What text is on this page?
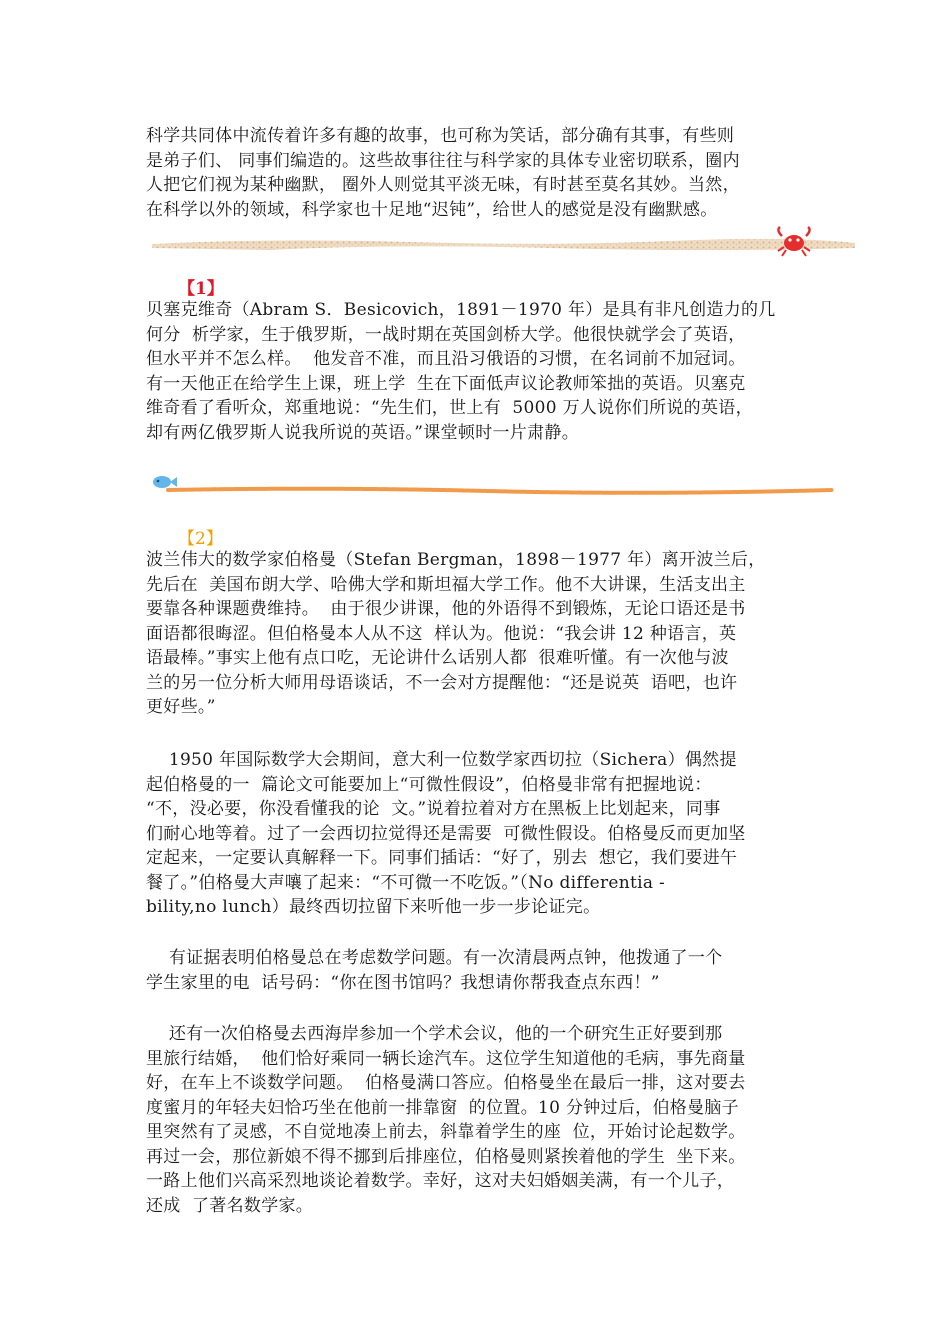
科学共同体中流传着许多有趣的故事，也可称为笑话，部分确有其事，有些则
是弟子们、 同事们编造的。这些故事往往与科学家的具体专业密切联系，圈内
人把它们视为某种幽默， 圈外人则觉其平淡无味，有时甚至莫名其妙。当然，
在科学以外的领域，科学家也十足地“迟钝”，给世人的感觉是没有幽默感。

【1】

贝塞克维奇（Abram S．Besicovich，1891－1970 年）是具有非凡创造力的几
何分  析学家，生于俄罗斯，一战时期在英国剑桥大学。他很快就学会了英语，
但水平并不怎么样。  他发音不准，而且沿习俄语的习惯，在名词前不加冠词。
有一天他正在给学生上课，班上学  生在下面低声议论教师笨拙的英语。贝塞克
维奇看了看听众，郑重地说：“先生们，世上有  5000 万人说你们所说的英语，
却有两亿俄罗斯人说我所说的英语。”课堂顿时一片肃静。

【2】

波兰伟大的数学家伯格曼（Stefan Bergman，1898－1977 年）离开波兰后，
先后在  美国布朗大学、哈佛大学和斯坦福大学工作。他不大讲课，生活支出主
要靠各种课题费维持。  由于很少讲课，他的外语得不到锻炼，无论口语还是书
面语都很晦涩。但伯格曼本人从不这  样认为。他说：“我会讲 12 种语言，英
语最棒。”事实上他有点口吃，无论讲什么话别人都  很难听懂。有一次他与波
兰的另一位分析大师用母语谈话，不一会对方提醒他：“还是说英  语吧，也许
更好些。”

1950 年国际数学大会期间，意大利一位数学家西切拉（Sichera）偶然提
起伯格曼的一  篇论文可能要加上“可微性假设”，伯格曼非常有把握地说：
“不，没必要，你没看懂我的论  文。”说着拉着对方在黑板上比划起来，同事
们耐心地等着。过了一会西切拉觉得还是需要  可微性假设。伯格曼反而更加坚
定起来，一定要认真解释一下。同事们插话：“好了，别去  想它，我们要进午
餐了。”伯格曼大声嚷了起来：“不可微一不吃饭。”（No differentia -
bility,no lunch）最终西切拉留下来听他一步一步论证完。

有证据表明伯格曼总在考虑数学问题。有一次清晨两点钟，他拨通了一个
学生家里的电  话号码：“你在图书馆吗？我想请你帮我查点东西！”

还有一次伯格曼去西海岸参加一个学术会议，他的一个研究生正好要到那
里旅行结婚，  他们恰好乘同一辆长途汽车。这位学生知道他的毛病，事先商量
好，在车上不谈数学问题。  伯格曼满口答应。伯格曼坐在最后一排，这对要去
度蜜月的年轻夫妇恰巧坐在他前一排靠窗  的位置。10 分钟过后，伯格曼脑子
里突然有了灵感，不自觉地凑上前去，斜靠着学生的座  位，开始讨论起数学。
再过一会，那位新娘不得不挪到后排座位，伯格曼则紧挨着他的学生  坐下来。
一路上他们兴高采烈地谈论着数学。幸好，这对夫妇婚姻美满，有一个儿子，
还成  了著名数学家。
